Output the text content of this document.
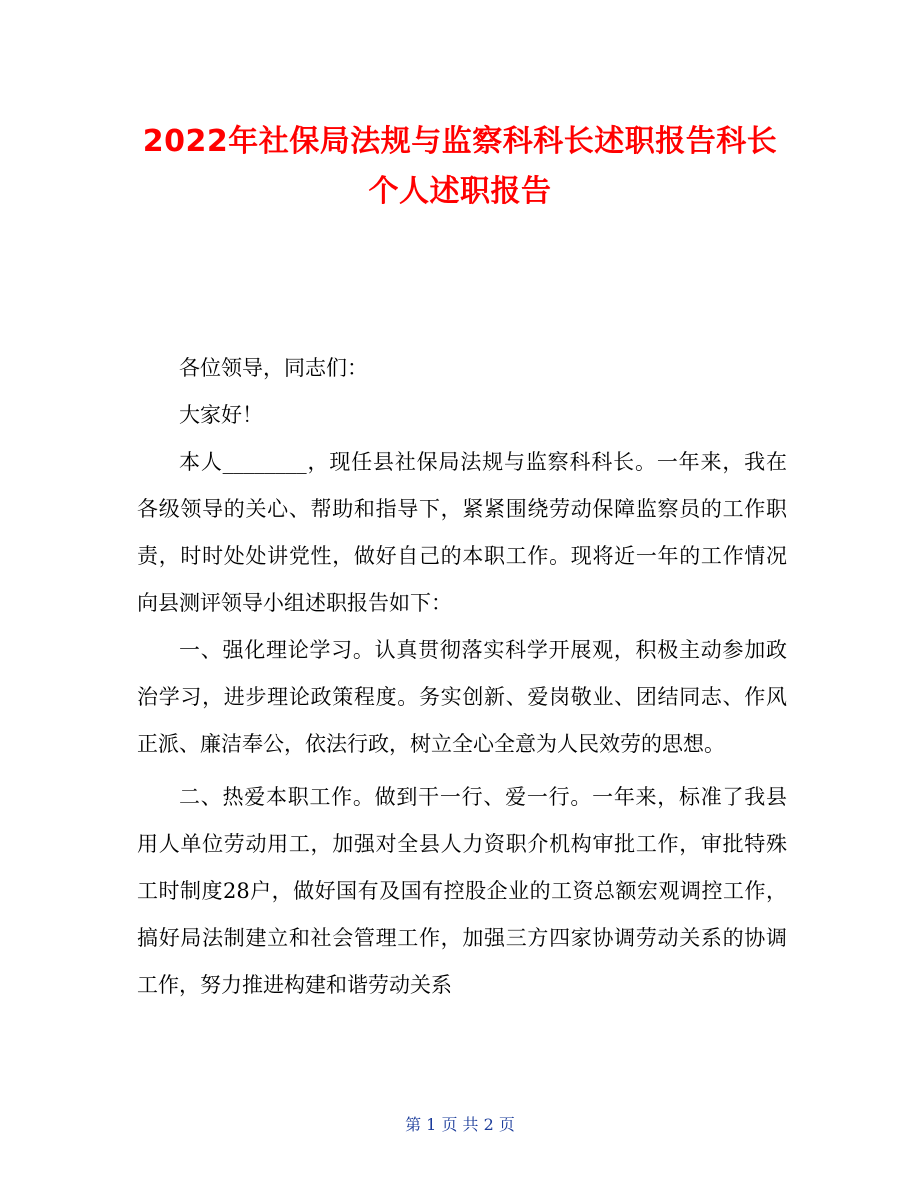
2022年社保局法规与监察科科长述职报告科长
个人述职报告

各位领导，同志们：

大家好！

本人________，现任县社保局法规与监察科科长。一年来，我在各级领导的关心、帮助和指导下，紧紧围绕劳动保障监察员的工作职责，时时处处讲党性，做好自己的本职工作。现将近一年的工作情况向县测评领导小组述职报告如下：

一、强化理论学习。认真贯彻落实科学开展观，积极主动参加政治学习，进步理论政策程度。务实创新、爱岗敬业、团结同志、作风正派、廉洁奉公，依法行政，树立全心全意为人民效劳的思想。

二、热爱本职工作。做到干一行、爱一行。一年来，标准了我县用人单位劳动用工，加强对全县人力资职介机构审批工作，审批特殊工时制度28户，做好国有及国有控股企业的工资总额宏观调控工作，搞好局法制建立和社会管理工作，加强三方四家协调劳动关系的协调工作，努力推进构建和谐劳动关系

第 1 页 共 2 页
